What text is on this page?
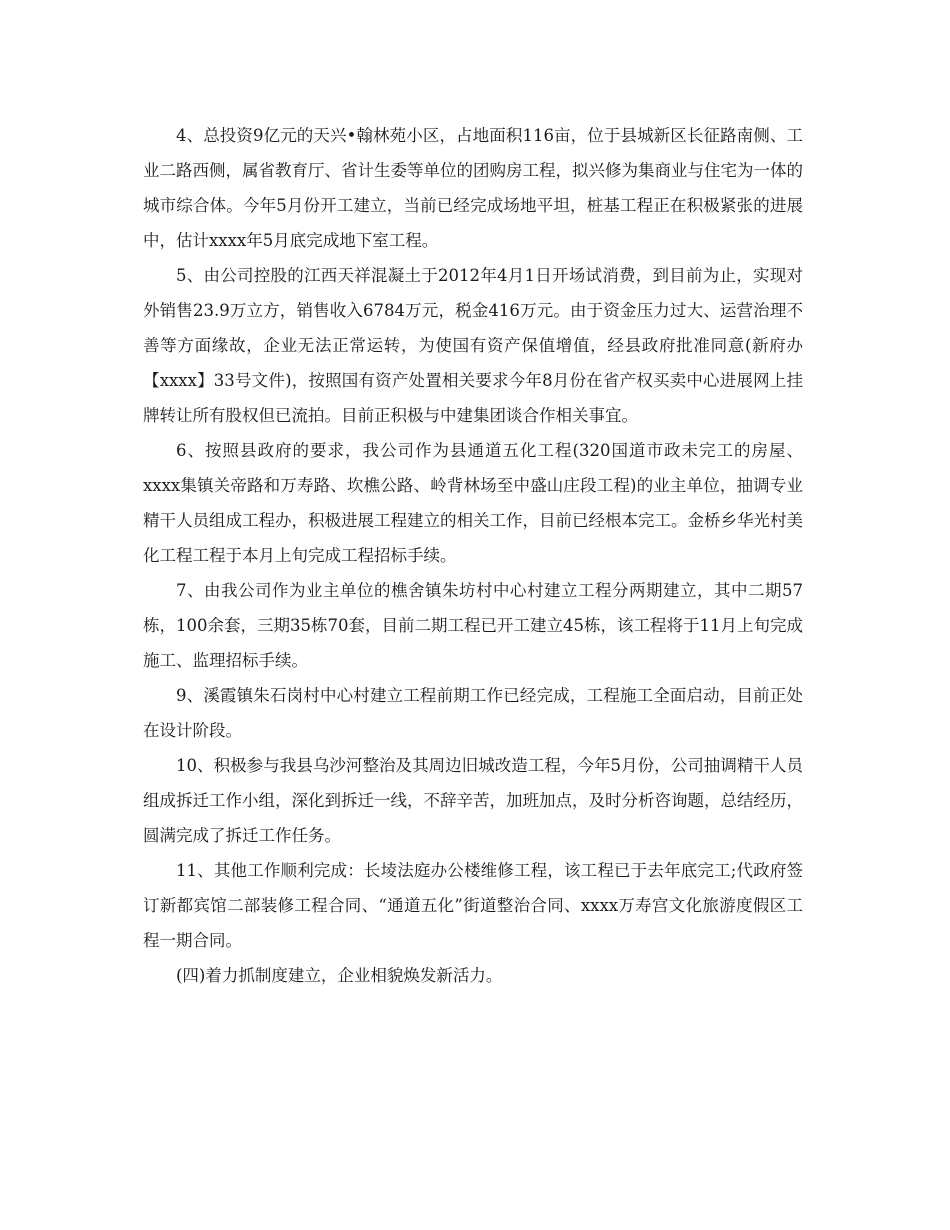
4、总投资9亿元的天兴•翰林苑小区，占地面积116亩，位于县城新区长征路南侧、工业二路西侧，属省教育厅、省计生委等单位的团购房工程，拟兴修为集商业与住宅为一体的城市综合体。今年5月份开工建立，当前已经完成场地平坦，桩基工程正在积极紧张的进展中，估计xxxx年5月底完成地下室工程。

5、由公司控股的江西天祥混凝土于2012年4月1日开场试消费，到目前为止，实现对外销售23.9万立方，销售收入6784万元，税金416万元。由于资金压力过大、运营治理不善等方面缘故，企业无法正常运转，为使国有资产保值增值，经县政府批准同意(新府办【xxxx】33号文件)，按照国有资产处置相关要求今年8月份在省产权买卖中心进展网上挂牌转让所有股权但已流拍。目前正积极与中建集团谈合作相关事宜。

6、按照县政府的要求，我公司作为县通道五化工程(320国道市政未完工的房屋、xxxx集镇关帝路和万寿路、坎樵公路、岭背林场至中盛山庄段工程)的业主单位，抽调专业精干人员组成工程办，积极进展工程建立的相关工作，目前已经根本完工。金桥乡华光村美化工程工程于本月上旬完成工程招标手续。

7、由我公司作为业主单位的樵舍镇朱坊村中心村建立工程分两期建立，其中二期57栋，100余套，三期35栋70套，目前二期工程已开工建立45栋，该工程将于11月上旬完成施工、监理招标手续。

9、溪霞镇朱石岗村中心村建立工程前期工作已经完成，工程施工全面启动，目前正处在设计阶段。

10、积极参与我县乌沙河整治及其周边旧城改造工程，今年5月份，公司抽调精干人员组成拆迁工作小组，深化到拆迁一线，不辞辛苦，加班加点，及时分析咨询题，总结经历，圆满完成了拆迁工作任务。

11、其他工作顺利完成：长堎法庭办公楼维修工程，该工程已于去年底完工;代政府签订新都宾馆二部装修工程合同、“通道五化”街道整治合同、xxxx万寿宫文化旅游度假区工程一期合同。

(四)着力抓制度建立，企业相貌焕发新活力。
